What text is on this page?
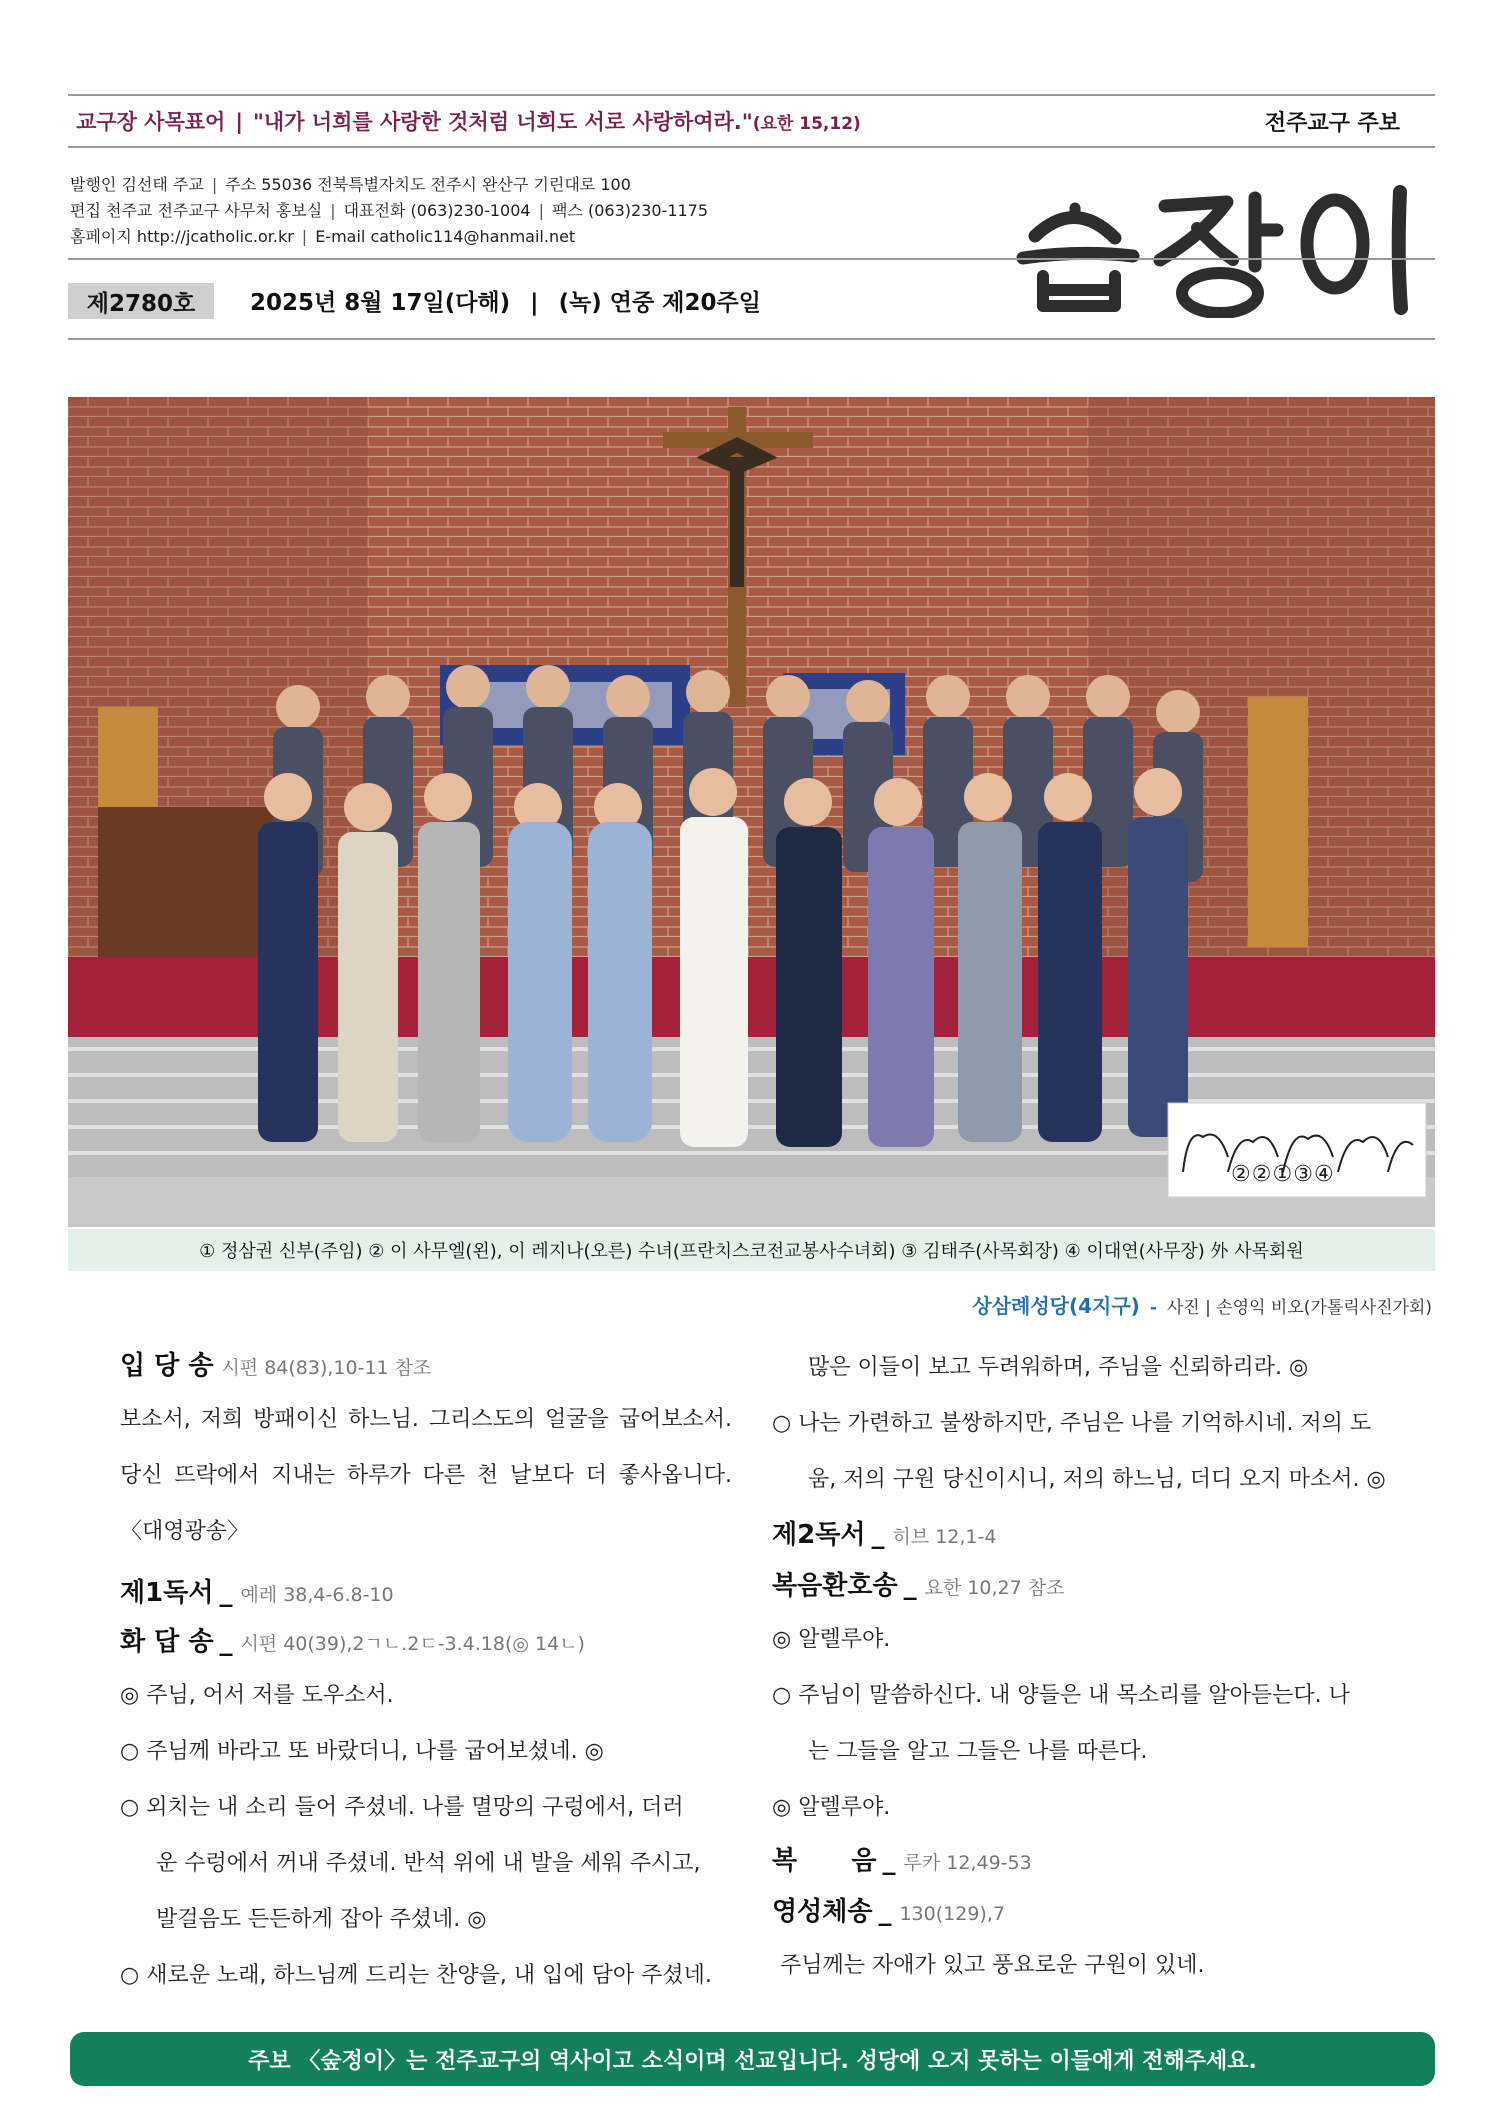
교구장 사목표어 | "내가 너희를 사랑한 것처럼 너희도 서로 사랑하여라."(요한 15,12)	전주교구 주보
발행인 김선태 주교 | 주소 55036 전북특별자치도 전주시 완산구 기린대로 100
편집 천주교 전주교구 사무처 홍보실 | 대표전화 (063)230-1004 | 팩스 (063)230-1175
홈페이지 http://jcatholic.or.kr | E-mail catholic114@hanmail.net
제2780호	2025년 8월 17일(다해) | (녹) 연중 제20주일
②②①③④
① 정삼권 신부(주임) ② 이 사무엘(왼), 이 레지나(오른) 수녀(프란치스코전교봉사수녀회) ③ 김태주(사목회장) ④ 이대연(사무장) 外 사목회원
상삼례성당(4지구) - 사진 | 손영익 비오(가톨릭사진가회)
입 당 송 시편 84(83),10-11 참조
보소서, 저희 방패이신 하느님. 그리스도의 얼굴을 굽어보소서. 당신 뜨락에서 지내는 하루가 다른 천 날보다 더 좋사옵니다.〈대영광송〉
제1독서 _ 예레 38,4-6.8-10
화 답 송 _ 시편 40(39),2ㄱㄴ.2ㄷ-3.4.18(◎ 14ㄴ)
◎ 주님, 어서 저를 도우소서.
○ 주님께 바라고 또 바랐더니, 나를 굽어보셨네. ◎
○ 외치는 내 소리 들어 주셨네. 나를 멸망의 구렁에서, 더러
운 수렁에서 꺼내 주셨네. 반석 위에 내 발을 세워 주시고,
발걸음도 든든하게 잡아 주셨네. ◎
○ 새로운 노래, 하느님께 드리는 찬양을, 내 입에 담아 주셨네.
많은 이들이 보고 두려워하며, 주님을 신뢰하리라. ◎
○ 나는 가련하고 불쌍하지만, 주님은 나를 기억하시네. 저의 도
움, 저의 구원 당신이시니, 저의 하느님, 더디 오지 마소서. ◎
제2독서 _ 히브 12,1-4
복음환호송 _ 요한 10,27 참조
◎ 알렐루야.
○ 주님이 말씀하신다. 내 양들은 내 목소리를 알아듣는다. 나
는 그들을 알고 그들은 나를 따른다.
◎ 알렐루야.
복      음 _ 루카 12,49-53
영성체송 _ 130(129),7
주님께는 자애가 있고 풍요로운 구원이 있네.
주보 〈숲정이〉는 전주교구의 역사이고 소식이며 선교입니다. 성당에 오지 못하는 이들에게 전해주세요.
